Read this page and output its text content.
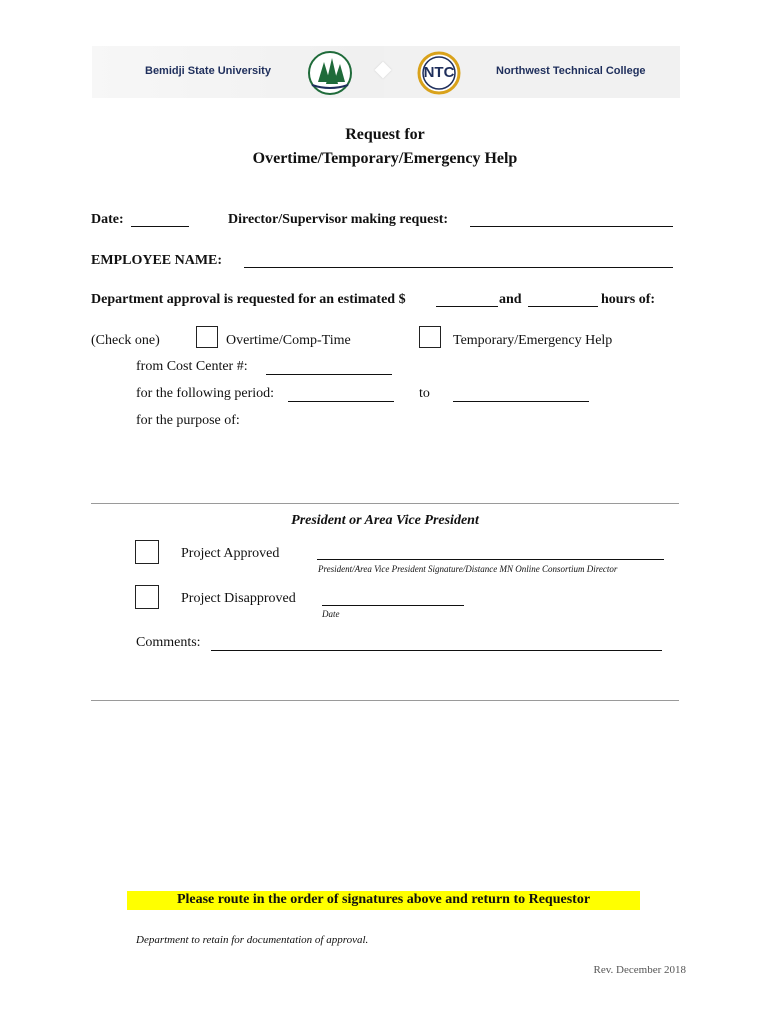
Bemidji State University	NTC	Northwest Technical College
Request for
Overtime/Temporary/Emergency Help
Date:	Director/Supervisor making request:
EMPLOYEE NAME:
Department approval is requested for an estimated $	and	hours of:
(Check one)	Overtime/Comp-Time	Temporary/Emergency Help
from Cost Center #:
for the following period:	to
for the purpose of:
President or Area Vice President
Project Approved
President/Area Vice President Signature/Distance MN Online Consortium Director
Project Disapproved
Date
Comments:
Please route in the order of signatures above and return to Requestor
Department to retain for documentation of approval.
Rev. December 2018
